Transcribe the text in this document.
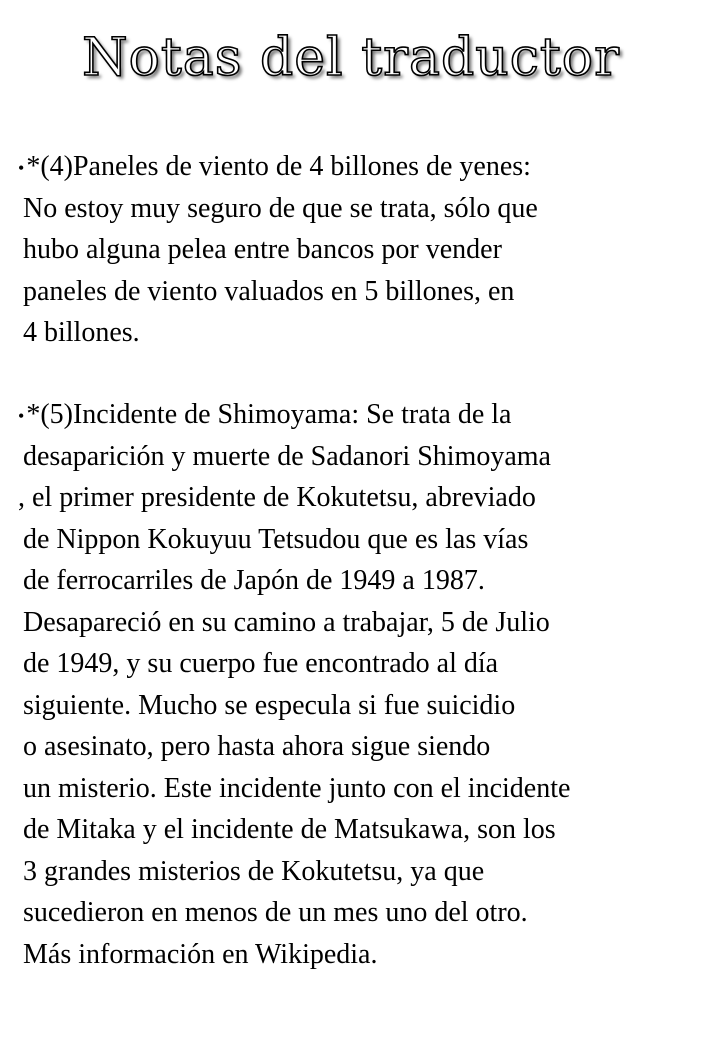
Notas del traductor
•*(4)Paneles de viento de 4 billones de yenes:
No estoy muy seguro de que se trata, sólo que
hubo alguna pelea entre bancos por vender
paneles de viento valuados en 5 billones, en
4 billones.
•*(5)Incidente de Shimoyama: Se trata de la
desaparición y muerte de Sadanori Shimoyama
, el primer presidente de Kokutetsu, abreviado
de Nippon Kokuyuu Tetsudou que es las vías
de ferrocarriles de Japón de 1949 a 1987.
Desapareció en su camino a trabajar, 5 de Julio
de 1949, y su cuerpo fue encontrado al día
siguiente. Mucho se especula si fue suicidio
o asesinato, pero hasta ahora sigue siendo
un misterio. Este incidente junto con el incidente
de Mitaka y el incidente de Matsukawa, son los
3 grandes misterios de Kokutetsu, ya que
sucedieron en menos de un mes uno del otro.
Más información en Wikipedia.
